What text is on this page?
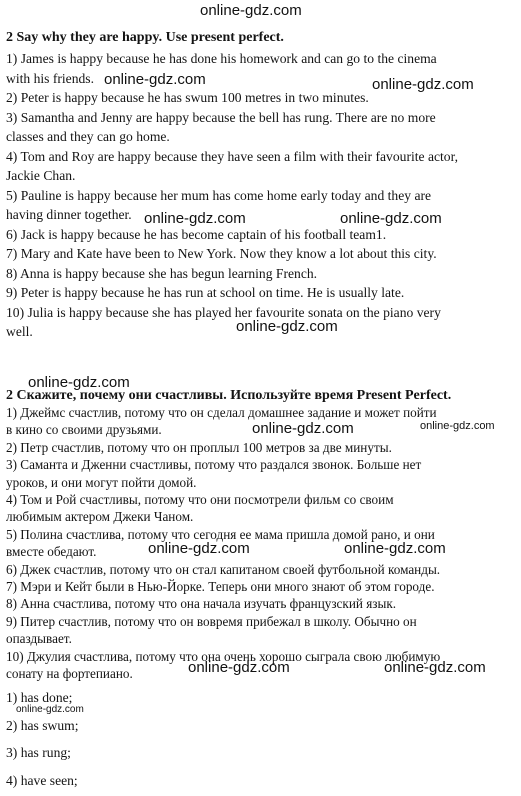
online-gdz.com
online-gdz.com	online-gdz.com
online-gdz.com	online-gdz.com
online-gdz.com
online-gdz.com
online-gdz.com	online-gdz.com
online-gdz.com	online-gdz.com
online-gdz.com	online-gdz.com
online-gdz.com
2 Say why they are happy. Use present perfect.
1) James is happy because he has done his homework and can go to the cinema
with his friends.
2) Peter is happy because he has swum 100 metres in two minutes.
3) Samantha and Jenny are happy because the bell has rung. There are no more
classes and they can go home.
4) Tom and Roy are happy because they have seen a film with their favourite actor,
Jackie Chan.
5) Pauline is happy because her mum has come home early today and they are
having dinner together.
6) Jack is happy because he has become captain of his football team1.
7) Mary and Kate have been to New York. Now they know a lot about this city.
8) Anna is happy because she has begun learning French.
9) Peter is happy because he has run at school on time. He is usually late.
10) Julia is happy because she has played her favourite sonata on the piano very
well.
2 Скажите, почему они счастливы. Используйте время Present Perfect.
1) Джеймс счастлив, потому что он сделал домашнее задание и может пойти
в кино со своими друзьями.
2) Петр счастлив, потому что он проплыл 100 метров за две минуты.
3) Саманта и Дженни счастливы, потому что раздался звонок. Больше нет
уроков, и они могут пойти домой.
4) Том и Рой счастливы, потому что они посмотрели фильм со своим
любимым актером Джеки Чаном.
5) Полина счастлива, потому что сегодня ее мама пришла домой рано, и они
вместе обедают.
6) Джек счастлив, потому что он стал капитаном своей футбольной команды.
7) Мэри и Кейт были в Нью-Йорке. Теперь они много знают об этом городе.
8) Анна счастлива, потому что она начала изучать французский язык.
9) Питер счастлив, потому что он вовремя прибежал в школу. Обычно он
опаздывает.
10) Джулия счастлива, потому что она очень хорошо сыграла свою любимую
сонату на фортепиано.
1) has done;
2) has swum;
3) has rung;
4) have seen;
